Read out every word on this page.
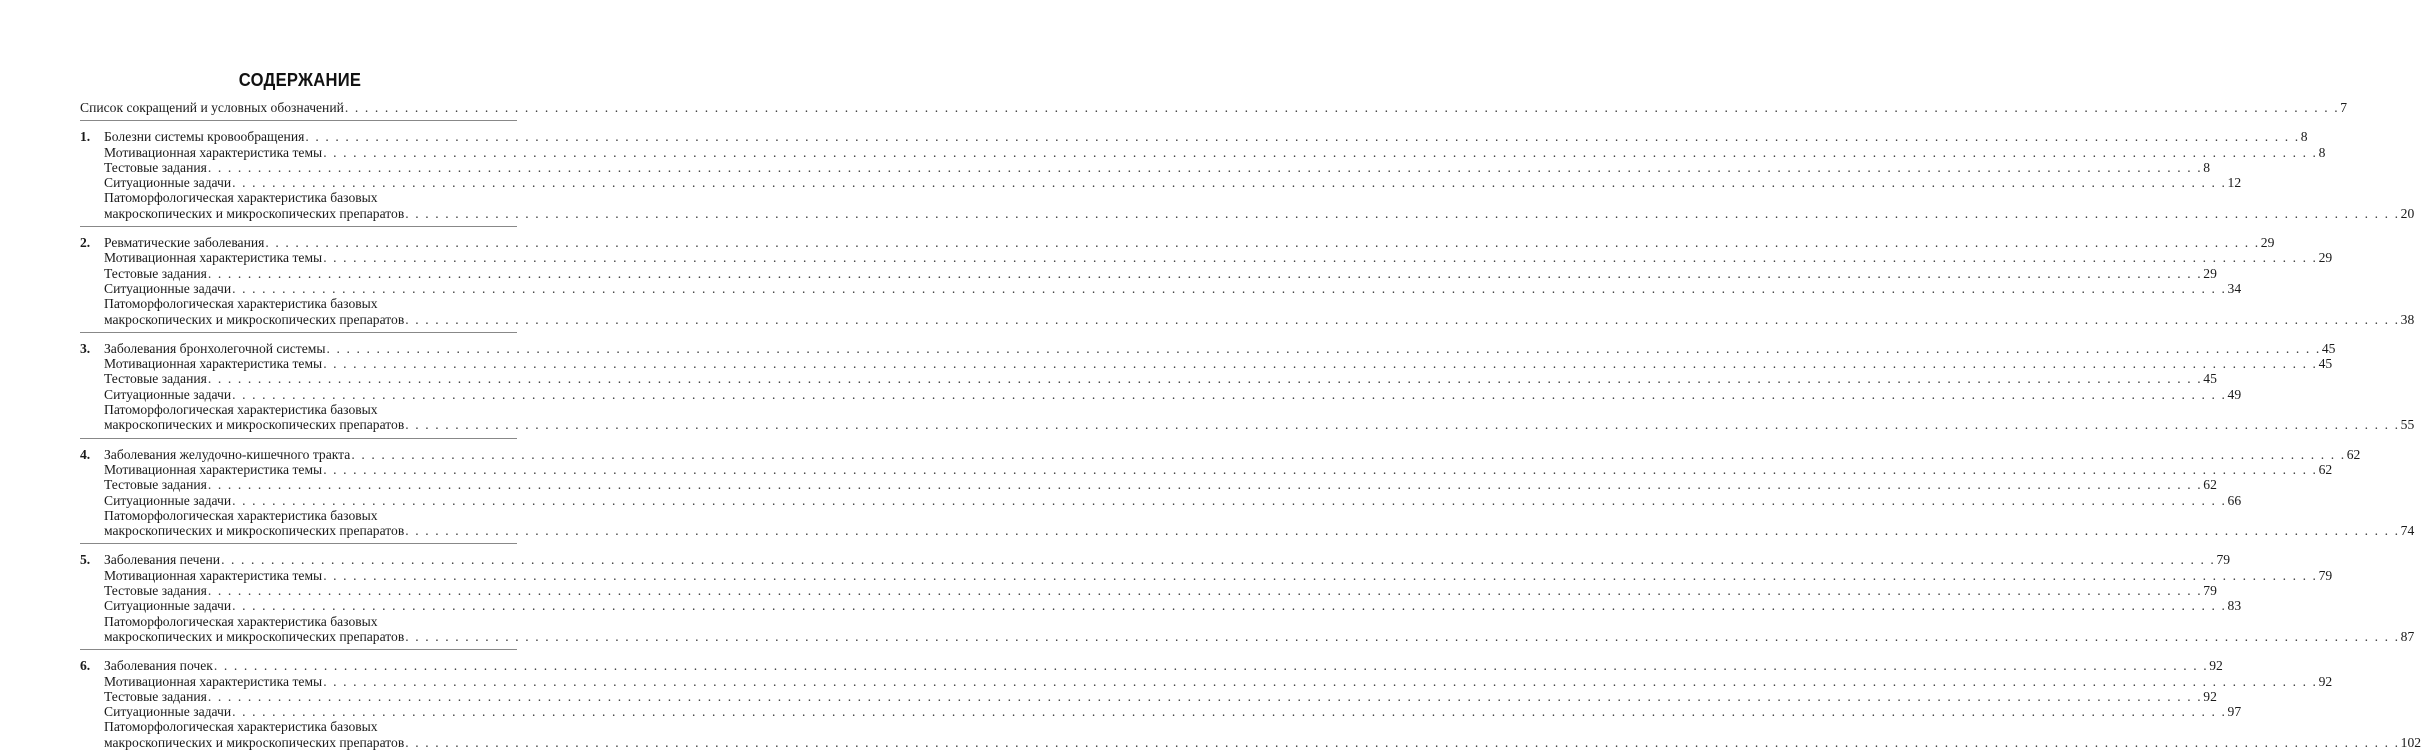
СОДЕРЖАНИЕ
Список сокращений и условных обозначений . . . . . . . . . . . . . . . . . . . . . . . . . . . . . . . . . . . . . . . . . . . . . . . . . . . . . . . . . . . . . . . . . . . . . . . . . . . . . . . . . . . . . . . . . . . . . . . . . . . . . . . . . . . . . . . . . . . . . . . . . . . . . . . . . . . . . . . . . . . . . . . . . . . . . . . . . . . . . . . . . . . . . . . . . . . . . . . . . . . . . . . . . . . . . . . . . . . . . . . . 7
1.	Болезни системы кровообращения . . . . . . . . . . . . . . . . . . . . . . . . . . . . . . . . . . . . . . . . . . . . . . . . . . . . . . . . . . . . . . . . . . . . . . . . . . . . . . . . . . . . . . . . . . . . . . . . . . . . . . . . . . . . . . . . . . . . . . . . . . . . . . . . . . . . . . . . . . . . . . . . . . . . . . . . . . . . . . . . . . . . . . . . . . . . . . . . . . . . . . . . . . . . . . . . . . . . . . . . 8
Мотивационная характеристика темы . . . . . . . . . . . . . . . . . . . . . . . . . . . . . . . . . . . . . . . . . . . . . . . . . . . . . . . . . . . . . . . . . . . . . . . . . . . . . . . . . . . . . . . . . . . . . . . . . . . . . . . . . . . . . . . . . . . . . . . . . . . . . . . . . . . . . . . . . . . . . . . . . . . . . . . . . . . . . . . . . . . . . . . . . . . . . . . . . . . . . . . . . . . . . . . . . . . . . . . . 8
Тестовые задания . . . . . . . . . . . . . . . . . . . . . . . . . . . . . . . . . . . . . . . . . . . . . . . . . . . . . . . . . . . . . . . . . . . . . . . . . . . . . . . . . . . . . . . . . . . . . . . . . . . . . . . . . . . . . . . . . . . . . . . . . . . . . . . . . . . . . . . . . . . . . . . . . . . . . . . . . . . . . . . . . . . . . . . . . . . . . . . . . . . . . . . . . . . . . . . . . . . . . . . . 8
Ситуационные задачи . . . . . . . . . . . . . . . . . . . . . . . . . . . . . . . . . . . . . . . . . . . . . . . . . . . . . . . . . . . . . . . . . . . . . . . . . . . . . . . . . . . . . . . . . . . . . . . . . . . . . . . . . . . . . . . . . . . . . . . . . . . . . . . . . . . . . . . . . . . . . . . . . . . . . . . . . . . . . . . . . . . . . . . . . . . . . . . . . . . . . . . . . . . . . . . . . . . . . . . . 12
Патоморфологическая характеристика базовых
макроскопических и микроскопических препаратов . . . . . . . . . . . . . . . . . . . . . . . . . . . . . . . . . . . . . . . . . . . . . . . . . . . . . . . . . . . . . . . . . . . . . . . . . . . . . . . . . . . . . . . . . . . . . . . . . . . . . . . . . . . . . . . . . . . . . . . . . . . . . . . . . . . . . . . . . . . . . . . . . . . . . . . . . . . . . . . . . . . . . . . . . . . . . . . . . . . . . . . . . . . . . . . . . . . . . . . . 20
2.	Ревматические заболевания . . . . . . . . . . . . . . . . . . . . . . . . . . . . . . . . . . . . . . . . . . . . . . . . . . . . . . . . . . . . . . . . . . . . . . . . . . . . . . . . . . . . . . . . . . . . . . . . . . . . . . . . . . . . . . . . . . . . . . . . . . . . . . . . . . . . . . . . . . . . . . . . . . . . . . . . . . . . . . . . . . . . . . . . . . . . . . . . . . . . . . . . . . . . . . . . . . . . . . . . 29
Мотивационная характеристика темы . . . . . . . . . . . . . . . . . . . . . . . . . . . . . . . . . . . . . . . . . . . . . . . . . . . . . . . . . . . . . . . . . . . . . . . . . . . . . . . . . . . . . . . . . . . . . . . . . . . . . . . . . . . . . . . . . . . . . . . . . . . . . . . . . . . . . . . . . . . . . . . . . . . . . . . . . . . . . . . . . . . . . . . . . . . . . . . . . . . . . . . . . . . . . . . . . . . . . . . . 29
Тестовые задания . . . . . . . . . . . . . . . . . . . . . . . . . . . . . . . . . . . . . . . . . . . . . . . . . . . . . . . . . . . . . . . . . . . . . . . . . . . . . . . . . . . . . . . . . . . . . . . . . . . . . . . . . . . . . . . . . . . . . . . . . . . . . . . . . . . . . . . . . . . . . . . . . . . . . . . . . . . . . . . . . . . . . . . . . . . . . . . . . . . . . . . . . . . . . . . . . . . . . . . . 29
Ситуационные задачи . . . . . . . . . . . . . . . . . . . . . . . . . . . . . . . . . . . . . . . . . . . . . . . . . . . . . . . . . . . . . . . . . . . . . . . . . . . . . . . . . . . . . . . . . . . . . . . . . . . . . . . . . . . . . . . . . . . . . . . . . . . . . . . . . . . . . . . . . . . . . . . . . . . . . . . . . . . . . . . . . . . . . . . . . . . . . . . . . . . . . . . . . . . . . . . . . . . . . . . . 34
Патоморфологическая характеристика базовых
макроскопических и микроскопических препаратов . . . . . . . . . . . . . . . . . . . . . . . . . . . . . . . . . . . . . . . . . . . . . . . . . . . . . . . . . . . . . . . . . . . . . . . . . . . . . . . . . . . . . . . . . . . . . . . . . . . . . . . . . . . . . . . . . . . . . . . . . . . . . . . . . . . . . . . . . . . . . . . . . . . . . . . . . . . . . . . . . . . . . . . . . . . . . . . . . . . . . . . . . . . . . . . . . . . . . . . . 38
3.	Заболевания бронхолегочной системы . . . . . . . . . . . . . . . . . . . . . . . . . . . . . . . . . . . . . . . . . . . . . . . . . . . . . . . . . . . . . . . . . . . . . . . . . . . . . . . . . . . . . . . . . . . . . . . . . . . . . . . . . . . . . . . . . . . . . . . . . . . . . . . . . . . . . . . . . . . . . . . . . . . . . . . . . . . . . . . . . . . . . . . . . . . . . . . . . . . . . . . . . . . . . . . . . . . . . . . . 45
Мотивационная характеристика темы . . . . . . . . . . . . . . . . . . . . . . . . . . . . . . . . . . . . . . . . . . . . . . . . . . . . . . . . . . . . . . . . . . . . . . . . . . . . . . . . . . . . . . . . . . . . . . . . . . . . . . . . . . . . . . . . . . . . . . . . . . . . . . . . . . . . . . . . . . . . . . . . . . . . . . . . . . . . . . . . . . . . . . . . . . . . . . . . . . . . . . . . . . . . . . . . . . . . . . . . 45
Тестовые задания . . . . . . . . . . . . . . . . . . . . . . . . . . . . . . . . . . . . . . . . . . . . . . . . . . . . . . . . . . . . . . . . . . . . . . . . . . . . . . . . . . . . . . . . . . . . . . . . . . . . . . . . . . . . . . . . . . . . . . . . . . . . . . . . . . . . . . . . . . . . . . . . . . . . . . . . . . . . . . . . . . . . . . . . . . . . . . . . . . . . . . . . . . . . . . . . . . . . . . . . 45
Ситуационные задачи . . . . . . . . . . . . . . . . . . . . . . . . . . . . . . . . . . . . . . . . . . . . . . . . . . . . . . . . . . . . . . . . . . . . . . . . . . . . . . . . . . . . . . . . . . . . . . . . . . . . . . . . . . . . . . . . . . . . . . . . . . . . . . . . . . . . . . . . . . . . . . . . . . . . . . . . . . . . . . . . . . . . . . . . . . . . . . . . . . . . . . . . . . . . . . . . . . . . . . . . 49
Патоморфологическая характеристика базовых
макроскопических и микроскопических препаратов . . . . . . . . . . . . . . . . . . . . . . . . . . . . . . . . . . . . . . . . . . . . . . . . . . . . . . . . . . . . . . . . . . . . . . . . . . . . . . . . . . . . . . . . . . . . . . . . . . . . . . . . . . . . . . . . . . . . . . . . . . . . . . . . . . . . . . . . . . . . . . . . . . . . . . . . . . . . . . . . . . . . . . . . . . . . . . . . . . . . . . . . . . . . . . . . . . . . . . . . 55
4.	Заболевания желудочно-кишечного тракта . . . . . . . . . . . . . . . . . . . . . . . . . . . . . . . . . . . . . . . . . . . . . . . . . . . . . . . . . . . . . . . . . . . . . . . . . . . . . . . . . . . . . . . . . . . . . . . . . . . . . . . . . . . . . . . . . . . . . . . . . . . . . . . . . . . . . . . . . . . . . . . . . . . . . . . . . . . . . . . . . . . . . . . . . . . . . . . . . . . . . . . . . . . . . . . . . . . . . . . . 62
Мотивационная характеристика темы . . . . . . . . . . . . . . . . . . . . . . . . . . . . . . . . . . . . . . . . . . . . . . . . . . . . . . . . . . . . . . . . . . . . . . . . . . . . . . . . . . . . . . . . . . . . . . . . . . . . . . . . . . . . . . . . . . . . . . . . . . . . . . . . . . . . . . . . . . . . . . . . . . . . . . . . . . . . . . . . . . . . . . . . . . . . . . . . . . . . . . . . . . . . . . . . . . . . . . . . 62
Тестовые задания . . . . . . . . . . . . . . . . . . . . . . . . . . . . . . . . . . . . . . . . . . . . . . . . . . . . . . . . . . . . . . . . . . . . . . . . . . . . . . . . . . . . . . . . . . . . . . . . . . . . . . . . . . . . . . . . . . . . . . . . . . . . . . . . . . . . . . . . . . . . . . . . . . . . . . . . . . . . . . . . . . . . . . . . . . . . . . . . . . . . . . . . . . . . . . . . . . . . . . . . 62
Ситуационные задачи . . . . . . . . . . . . . . . . . . . . . . . . . . . . . . . . . . . . . . . . . . . . . . . . . . . . . . . . . . . . . . . . . . . . . . . . . . . . . . . . . . . . . . . . . . . . . . . . . . . . . . . . . . . . . . . . . . . . . . . . . . . . . . . . . . . . . . . . . . . . . . . . . . . . . . . . . . . . . . . . . . . . . . . . . . . . . . . . . . . . . . . . . . . . . . . . . . . . . . . . 66
Патоморфологическая характеристика базовых
макроскопических и микроскопических препаратов . . . . . . . . . . . . . . . . . . . . . . . . . . . . . . . . . . . . . . . . . . . . . . . . . . . . . . . . . . . . . . . . . . . . . . . . . . . . . . . . . . . . . . . . . . . . . . . . . . . . . . . . . . . . . . . . . . . . . . . . . . . . . . . . . . . . . . . . . . . . . . . . . . . . . . . . . . . . . . . . . . . . . . . . . . . . . . . . . . . . . . . . . . . . . . . . . . . . . . . . 74
5.	Заболевания печени . . . . . . . . . . . . . . . . . . . . . . . . . . . . . . . . . . . . . . . . . . . . . . . . . . . . . . . . . . . . . . . . . . . . . . . . . . . . . . . . . . . . . . . . . . . . . . . . . . . . . . . . . . . . . . . . . . . . . . . . . . . . . . . . . . . . . . . . . . . . . . . . . . . . . . . . . . . . . . . . . . . . . . . . . . . . . . . . . . . . . . . . . . . . . . . . . . . . . . . . 79
Мотивационная характеристика темы . . . . . . . . . . . . . . . . . . . . . . . . . . . . . . . . . . . . . . . . . . . . . . . . . . . . . . . . . . . . . . . . . . . . . . . . . . . . . . . . . . . . . . . . . . . . . . . . . . . . . . . . . . . . . . . . . . . . . . . . . . . . . . . . . . . . . . . . . . . . . . . . . . . . . . . . . . . . . . . . . . . . . . . . . . . . . . . . . . . . . . . . . . . . . . . . . . . . . . . . 79
Тестовые задания . . . . . . . . . . . . . . . . . . . . . . . . . . . . . . . . . . . . . . . . . . . . . . . . . . . . . . . . . . . . . . . . . . . . . . . . . . . . . . . . . . . . . . . . . . . . . . . . . . . . . . . . . . . . . . . . . . . . . . . . . . . . . . . . . . . . . . . . . . . . . . . . . . . . . . . . . . . . . . . . . . . . . . . . . . . . . . . . . . . . . . . . . . . . . . . . . . . . . . . . 79
Ситуационные задачи . . . . . . . . . . . . . . . . . . . . . . . . . . . . . . . . . . . . . . . . . . . . . . . . . . . . . . . . . . . . . . . . . . . . . . . . . . . . . . . . . . . . . . . . . . . . . . . . . . . . . . . . . . . . . . . . . . . . . . . . . . . . . . . . . . . . . . . . . . . . . . . . . . . . . . . . . . . . . . . . . . . . . . . . . . . . . . . . . . . . . . . . . . . . . . . . . . . . . . . . 83
Патоморфологическая характеристика базовых
макроскопических и микроскопических препаратов . . . . . . . . . . . . . . . . . . . . . . . . . . . . . . . . . . . . . . . . . . . . . . . . . . . . . . . . . . . . . . . . . . . . . . . . . . . . . . . . . . . . . . . . . . . . . . . . . . . . . . . . . . . . . . . . . . . . . . . . . . . . . . . . . . . . . . . . . . . . . . . . . . . . . . . . . . . . . . . . . . . . . . . . . . . . . . . . . . . . . . . . . . . . . . . . . . . . . . . . 87
6.	Заболевания почек . . . . . . . . . . . . . . . . . . . . . . . . . . . . . . . . . . . . . . . . . . . . . . . . . . . . . . . . . . . . . . . . . . . . . . . . . . . . . . . . . . . . . . . . . . . . . . . . . . . . . . . . . . . . . . . . . . . . . . . . . . . . . . . . . . . . . . . . . . . . . . . . . . . . . . . . . . . . . . . . . . . . . . . . . . . . . . . . . . . . . . . . . . . . . . . . . . . . . . . . 92
Мотивационная характеристика темы . . . . . . . . . . . . . . . . . . . . . . . . . . . . . . . . . . . . . . . . . . . . . . . . . . . . . . . . . . . . . . . . . . . . . . . . . . . . . . . . . . . . . . . . . . . . . . . . . . . . . . . . . . . . . . . . . . . . . . . . . . . . . . . . . . . . . . . . . . . . . . . . . . . . . . . . . . . . . . . . . . . . . . . . . . . . . . . . . . . . . . . . . . . . . . . . . . . . . . . . 92
Тестовые задания . . . . . . . . . . . . . . . . . . . . . . . . . . . . . . . . . . . . . . . . . . . . . . . . . . . . . . . . . . . . . . . . . . . . . . . . . . . . . . . . . . . . . . . . . . . . . . . . . . . . . . . . . . . . . . . . . . . . . . . . . . . . . . . . . . . . . . . . . . . . . . . . . . . . . . . . . . . . . . . . . . . . . . . . . . . . . . . . . . . . . . . . . . . . . . . . . . . . . . . . 92
Ситуационные задачи . . . . . . . . . . . . . . . . . . . . . . . . . . . . . . . . . . . . . . . . . . . . . . . . . . . . . . . . . . . . . . . . . . . . . . . . . . . . . . . . . . . . . . . . . . . . . . . . . . . . . . . . . . . . . . . . . . . . . . . . . . . . . . . . . . . . . . . . . . . . . . . . . . . . . . . . . . . . . . . . . . . . . . . . . . . . . . . . . . . . . . . . . . . . . . . . . . . . . . . . 97
Патоморфологическая характеристика базовых
макроскопических и микроскопических препаратов . . . . . . . . . . . . . . . . . . . . . . . . . . . . . . . . . . . . . . . . . . . . . . . . . . . . . . . . . . . . . . . . . . . . . . . . . . . . . . . . . . . . . . . . . . . . . . . . . . . . . . . . . . . . . . . . . . . . . . . . . . . . . . . . . . . . . . . . . . . . . . . . . . . . . . . . . . . . . . . . . . . . . . . . . . . . . . . . . . . . . . . . . . . . . . . . . . . . . . . . 102
